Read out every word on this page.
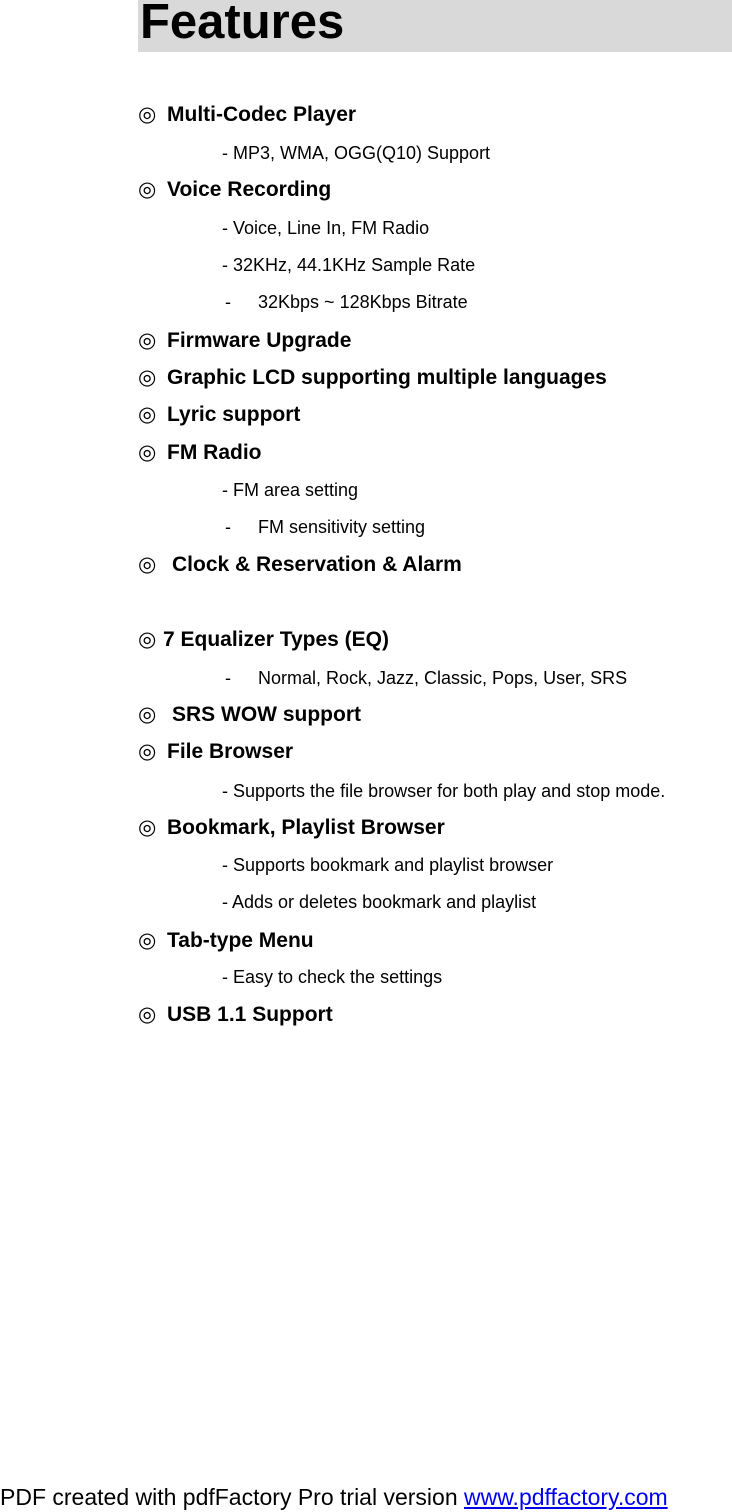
Features
◎ Multi-Codec Player
- MP3, WMA, OGG(Q10) Support
◎ Voice Recording
- Voice, Line In, FM Radio
- 32KHz, 44.1KHz Sample Rate
- 32Kbps ~ 128Kbps Bitrate
◎ Firmware Upgrade
◎ Graphic LCD supporting multiple languages
◎ Lyric support
◎ FM Radio
- FM area setting
- FM sensitivity setting
◎ Clock & Reservation & Alarm
◎ 7 Equalizer Types (EQ)
- Normal, Rock, Jazz, Classic, Pops, User, SRS
◎ SRS WOW support
◎ File Browser
- Supports the file browser for both play and stop mode.
◎ Bookmark, Playlist Browser
- Supports bookmark and playlist browser
- Adds or deletes bookmark and playlist
◎ Tab-type Menu
- Easy to check the settings
◎ USB 1.1 Support
PDF created with pdfFactory Pro trial version www.pdffactory.com
